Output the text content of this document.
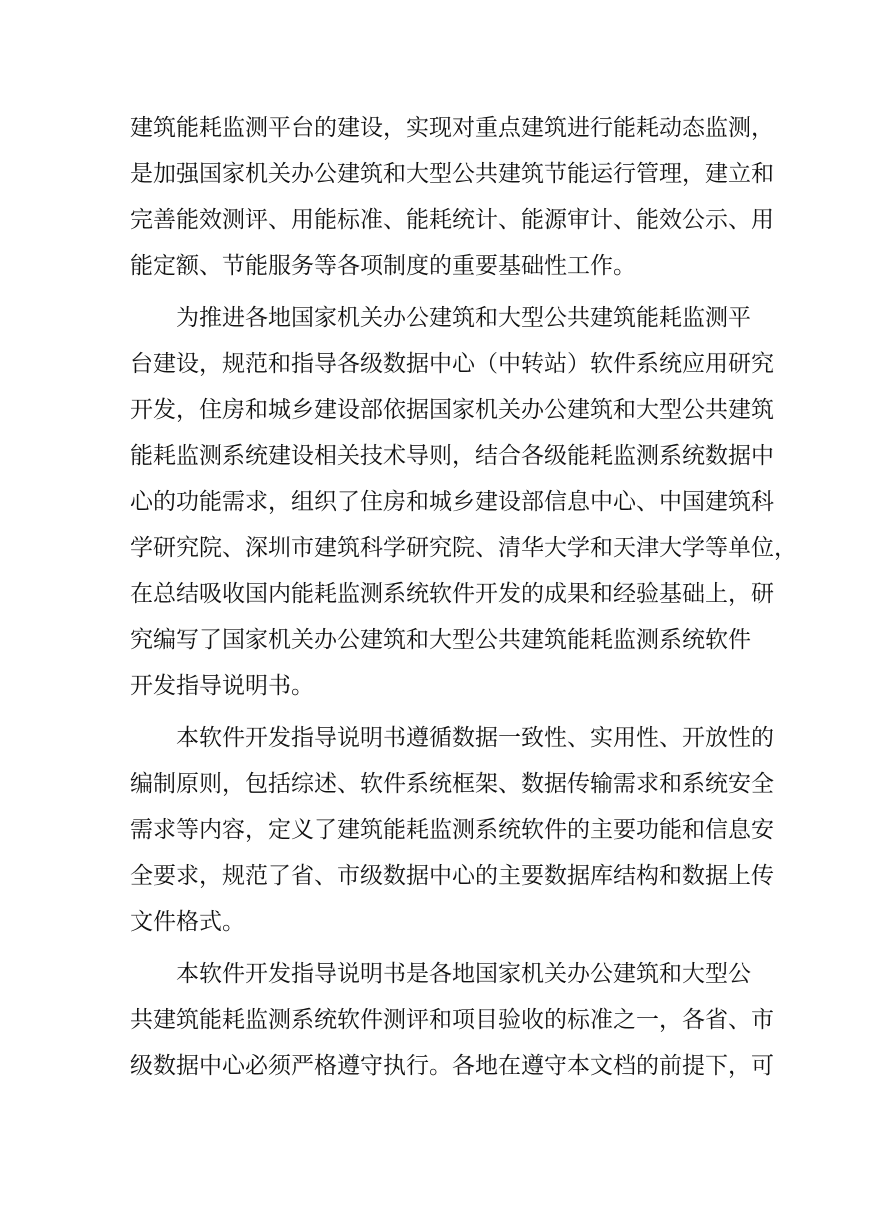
建筑能耗监测平台的建设，实现对重点建筑进行能耗动态监测，
是加强国家机关办公建筑和大型公共建筑节能运行管理，建立和
完善能效测评、用能标准、能耗统计、能源审计、能效公示、用
能定额、节能服务等各项制度的重要基础性工作。
为推进各地国家机关办公建筑和大型公共建筑能耗监测平
台建设，规范和指导各级数据中心（中转站）软件系统应用研究
开发，住房和城乡建设部依据国家机关办公建筑和大型公共建筑
能耗监测系统建设相关技术导则，结合各级能耗监测系统数据中
心的功能需求，组织了住房和城乡建设部信息中心、中国建筑科
学研究院、深圳市建筑科学研究院、清华大学和天津大学等单位，
在总结吸收国内能耗监测系统软件开发的成果和经验基础上，研
究编写了国家机关办公建筑和大型公共建筑能耗监测系统软件
开发指导说明书。
本软件开发指导说明书遵循数据一致性、实用性、开放性的
编制原则，包括综述、软件系统框架、数据传输需求和系统安全
需求等内容，定义了建筑能耗监测系统软件的主要功能和信息安
全要求，规范了省、市级数据中心的主要数据库结构和数据上传
文件格式。
本软件开发指导说明书是各地国家机关办公建筑和大型公
共建筑能耗监测系统软件测评和项目验收的标准之一，各省、市
级数据中心必须严格遵守执行。各地在遵守本文档的前提下，可
